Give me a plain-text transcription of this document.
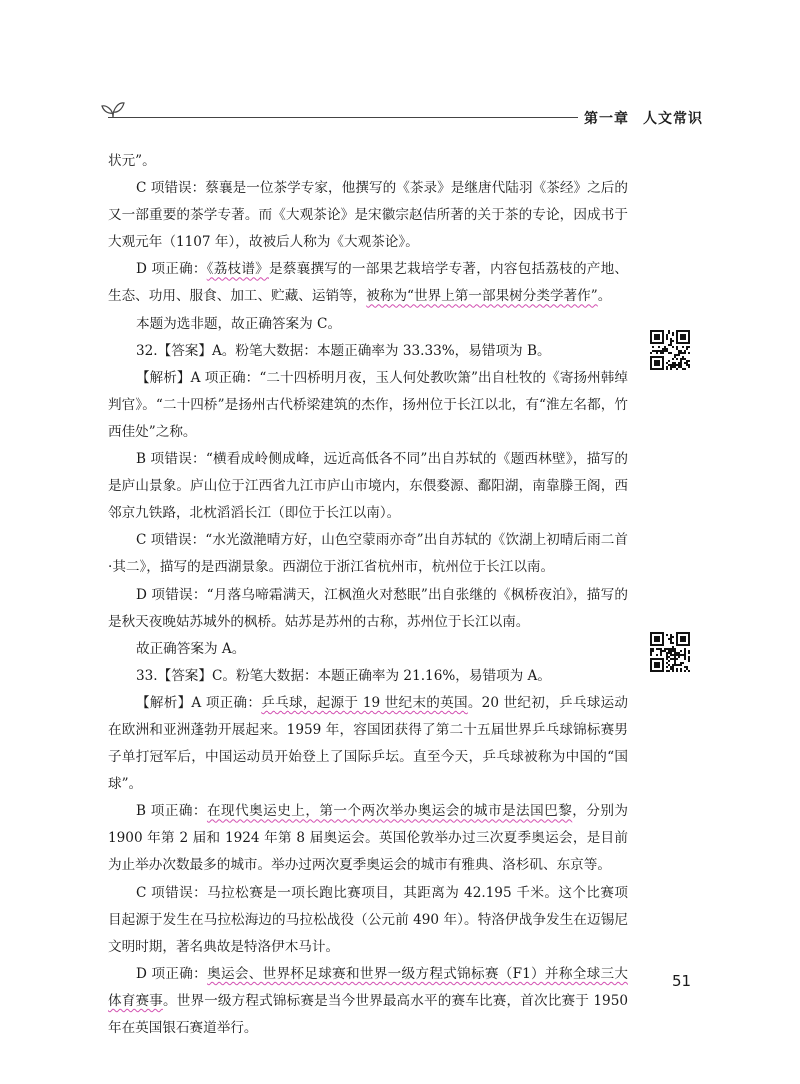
第一章 人文常识

状元”。

C 项错误：蔡襄是一位茶学专家，他撰写的《茶录》是继唐代陆羽《茶经》之后的又一部重要的茶学专著。而《大观茶论》是宋徽宗赵佶所著的关于茶的专论，因成书于大观元年（1107 年），故被后人称为《大观茶论》。

D 项正确：《荔枝谱》是蔡襄撰写的一部果艺栽培学专著，内容包括荔枝的产地、生态、功用、服食、加工、贮藏、运销等，被称为“世界上第一部果树分类学著作”。

本题为选非题，故正确答案为 C。

32.【答案】A。粉笔大数据：本题正确率为 33.33%，易错项为 B。

【解析】A 项正确：“二十四桥明月夜，玉人何处教吹箫”出自杜牧的《寄扬州韩绰判官》。“二十四桥”是扬州古代桥梁建筑的杰作，扬州位于长江以北，有“淮左名都，竹西佳处”之称。

B 项错误：“横看成岭侧成峰，远近高低各不同”出自苏轼的《题西林壁》，描写的是庐山景象。庐山位于江西省九江市庐山市境内，东偎婺源、鄱阳湖，南靠滕王阁，西邻京九铁路，北枕滔滔长江（即位于长江以南）。

C 项错误：“水光潋滟晴方好，山色空蒙雨亦奇”出自苏轼的《饮湖上初晴后雨二首·其二》，描写的是西湖景象。西湖位于浙江省杭州市，杭州位于长江以南。

D 项错误：“月落乌啼霜满天，江枫渔火对愁眠”出自张继的《枫桥夜泊》，描写的是秋天夜晚姑苏城外的枫桥。姑苏是苏州的古称，苏州位于长江以南。

故正确答案为 A。

33.【答案】C。粉笔大数据：本题正确率为 21.16%，易错项为 A。

【解析】A 项正确：乒乓球，起源于 19 世纪末的英国。20 世纪初，乒乓球运动在欧洲和亚洲蓬勃开展起来。1959 年，容国团获得了第二十五届世界乒乓球锦标赛男子单打冠军后，中国运动员开始登上了国际乒坛。直至今天，乒乓球被称为中国的“国球”。

B 项正确：在现代奥运史上，第一个两次举办奥运会的城市是法国巴黎，分别为 1900 年第 2 届和 1924 年第 8 届奥运会。英国伦敦举办过三次夏季奥运会，是目前为止举办次数最多的城市。举办过两次夏季奥运会的城市有雅典、洛杉矶、东京等。

C 项错误：马拉松赛是一项长跑比赛项目，其距离为 42.195 千米。这个比赛项目起源于发生在马拉松海边的马拉松战役（公元前 490 年）。特洛伊战争发生在迈锡尼文明时期，著名典故是特洛伊木马计。

D 项正确：奥运会、世界杯足球赛和世界一级方程式锦标赛（F1）并称全球三大体育赛事。世界一级方程式锦标赛是当今世界最高水平的赛车比赛，首次比赛于 1950 年在英国银石赛道举行。

51
